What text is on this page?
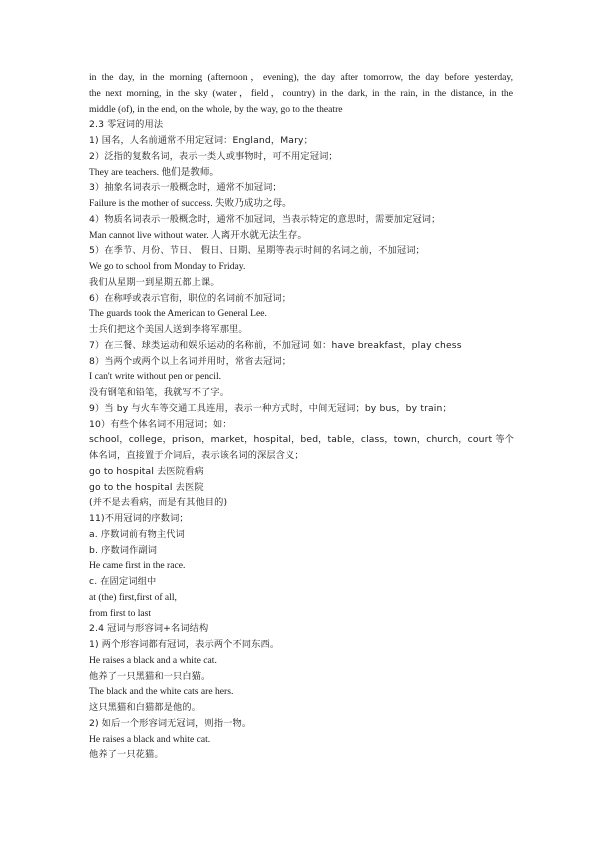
in the day, in the morning (afternoon，evening), the day after tomorrow, the day before yesterday,
the next morning, in the sky (water，field，country) in the dark, in the rain, in the distance, in the
middle (of), in the end, on the whole, by the way, go to the theatre
2.3 零冠词的用法
1) 国名，人名前通常不用定冠词：England，Mary；
2）泛指的复数名词，表示一类人或事物时，可不用定冠词；
They are teachers. 他们是教师。
3）抽象名词表示一般概念时，通常不加冠词；
Failure is the mother of success. 失败乃成功之母。
4）物质名词表示一般概念时，通常不加冠词，当表示特定的意思时，需要加定冠词；
Man cannot live without water. 人离开水就无法生存。
5）在季节、月份、节日、 假日、日期、星期等表示时间的名词之前，不加冠词；
We go to school from Monday to Friday.
我们从星期一到星期五都上课。
6）在称呼或表示官衔，职位的名词前不加冠词；
The guards took the American to General Lee.
士兵们把这个美国人送到李将军那里。
7）在三餐、球类运动和娱乐运动的名称前，不加冠词 如：have breakfast，play chess
8）当两个或两个以上名词并用时，常省去冠词；
I can't write without pen or pencil.
没有钢笔和铅笔，我就写不了字。
9）当 by 与火车等交通工具连用，表示一种方式时，中间无冠词；by bus，by train；
10）有些个体名词不用冠词；如：
school，college，prison，market，hospital，bed，table，class，town，church，court 等个
体名词，直接置于介词后，表示该名词的深层含义；
go to hospital 去医院看病
go to the hospital 去医院
(并不是去看病，而是有其他目的)
11)不用冠词的序数词；
a. 序数词前有物主代词
b. 序数词作副词
He came first in the race.
c. 在固定词组中
at (the) first,first of all,
from first to last
2.4 冠词与形容词+名词结构
1) 两个形容词都有冠词，表示两个不同东西。
He raises a black and a white cat.
他养了一只黑猫和一只白猫。
The black and the white cats are hers.
这只黑猫和白猫都是他的。
2) 如后一个形容词无冠词，则指一物。
He raises a black and white cat.
他养了一只花猫。
